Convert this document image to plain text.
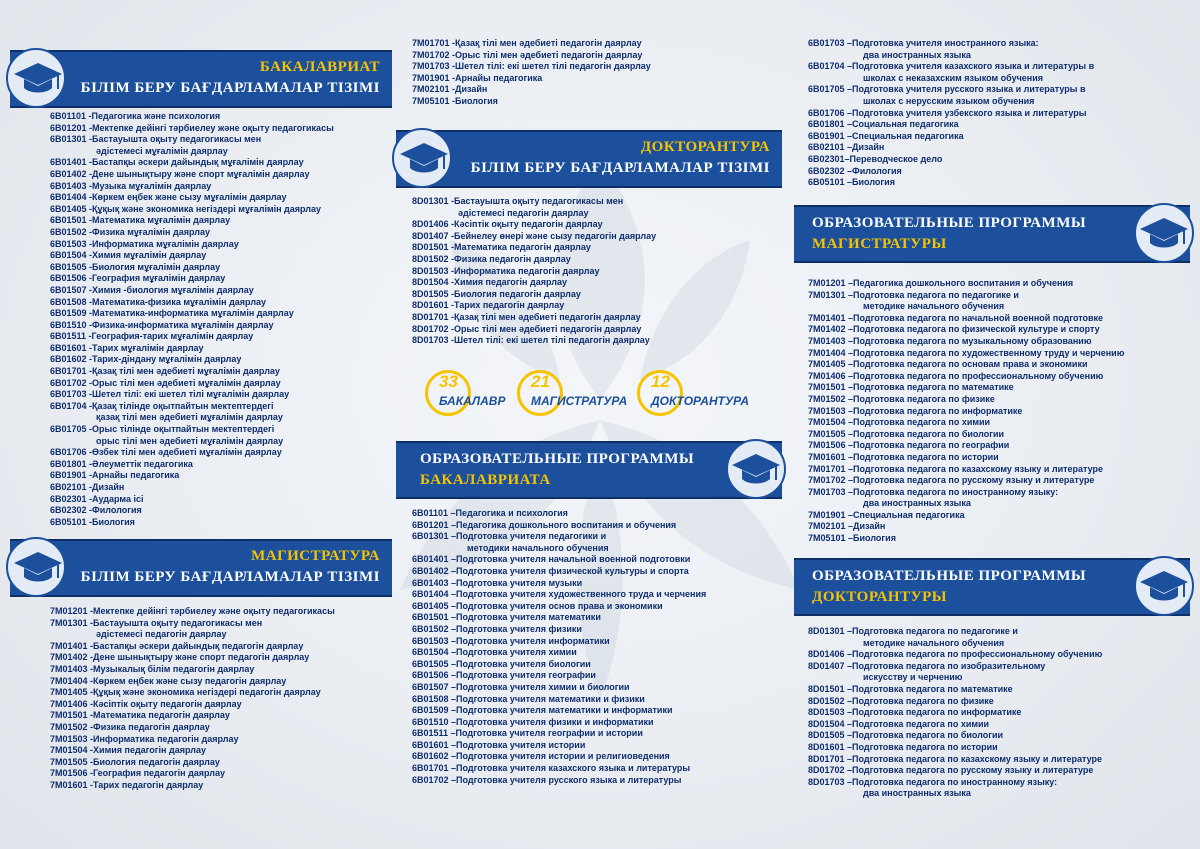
БАКАЛАВРИАТ
БІЛІМ БЕРУ БАҒДАРЛАМАЛАР ТІЗІМІ
6B01101 - Педагогика және психология
6B01201 - Мектепке дейінгі тәрбиелеу және оқыту педагогикасы
6B01301 - Бастауышта оқыту педагогикасы мен
әдістемесі мұғалімін даярлау
6B01401 - Бастапқы әскери дайындық мұғалімін даярлау
6B01402 - Дене шынықтыру және спорт мұғалімін даярлау
6B01403 - Музыка мұғалімін даярлау
6B01404 - Көркем еңбек және сызу мұғалімін даярлау
6B01405 - Құқық және экономика негіздері мұғалімін даярлау
6B01501 - Математика мұғалімін даярлау
6B01502 - Физика мұғалімін даярлау
6B01503 - Информатика мұғалімін даярлау
6B01504 - Химия мұғалімін даярлау
6B01505 - Биология мұғалімін даярлау
6B01506 - География мұғалімін даярлау
6B01507 - Химия -биология мұғалімін даярлау
6B01508 - Математика-физика мұғалімін даярлау
6B01509 - Математика-информатика мұғалімін даярлау
6B01510 - Физика-информатика мұғалімін даярлау
6B01511 - География-тарих мұғалімін даярлау
6B01601 - Тарих мұғалімін даярлау
6B01602 - Тарих-діндану мұғалімін даярлау
6B01701 - Қазақ тілі мен әдебиеті мұғалімін даярлау
6B01702 - Орыс тілі мен әдебиеті мұғалімін даярлау
6B01703 - Шетел тілі: екі шетел тілі мұғалімін даярлау
6B01704 - Қазақ тілінде оқытпайтын мектептердегі
қазақ тілі мен әдебиеті мұғалімін даярлау
6B01705 - Орыс тілінде оқытпайтын мектептердегі
орыс тілі мен әдебиеті мұғалімін даярлау
6B01706 - Өзбек тілі мен әдебиеті мұғалімін даярлау
6B01801 - Әлеуметтік педагогика
6B01901 - Арнайы педагогика
6B02101 - Дизайн
6B02301 - Аударма ісі
6B02302 - Филология
6B05101 - Биология
МАГИСТРАТУРА
БІЛІМ БЕРУ БАҒДАРЛАМАЛАР ТІЗІМІ
7M01201 - Мектепке дейінгі тәрбиелеу және оқыту педагогикасы
7M01301 - Бастауышта оқыту педагогикасы мен
әдістемесі педагогін даярлау
7M01401 - Бастапқы әскери дайындық педагогін даярлау
7M01402 - Дене шынықтыру және спорт педагогін даярлау
7M01403 - Музыкалық білім педагогін даярлау
7M01404 - Көркем еңбек және сызу педагогін даярлау
7M01405 - Құқық және экономика негіздері педагогін даярлау
7M01406 - Кәсіптік оқыту педагогін даярлау
7M01501 - Математика педагогін даярлау
7M01502 - Физика педагогін даярлау
7M01503 - Информатика педагогін даярлау
7M01504 - Химия педагогін даярлау
7M01505 - Биология педагогін даярлау
7M01506 - География педагогін даярлау
7M01601 - Тарих педагогін даярлау
7M01701 - Қазақ тілі мен әдебиеті педагогін даярлау
7M01702 - Орыс тілі мен әдебиеті педагогін даярлау
7M01703 - Шетел тілі: екі шетел тілі педагогін даярлау
7M01901 - Арнайы педагогика
7M02101 - Дизайн
7M05101 - Биология
ДОКТОРАНТУРА
БІЛІМ БЕРУ БАҒДАРЛАМАЛАР ТІЗІМІ
8D01301 - Бастауышта оқыту педагогикасы мен
әдістемесі педагогін даярлау
8D01406 - Кәсіптік оқыту педагогін даярлау
8D01407 - Бейнелеу өнері және сызу педагогін даярлау
8D01501 - Математика педагогін даярлау
8D01502 - Физика педагогін даярлау
8D01503 - Информатика педагогін даярлау
8D01504 - Химия педагогін даярлау
8D01505 - Биология педагогін даярлау
8D01601 - Тарих педагогін даярлау
8D01701 - Қазақ тілі мен әдебиеті педагогін даярлау
8D01702 - Орыс тілі мен әдебиеті педагогін даярлау
8D01703 - Шетел тілі: екі шетел тілі педагогін даярлау
33
БАКАЛАВР
21
МАГИСТРАТУРА
12
ДОКТОРАНТУРА
ОБРАЗОВАТЕЛЬНЫЕ ПРОГРАММЫ
БАКАЛАВРИАТА
6B01101 – Педагогика и психология
6B01201 – Педагогика дошкольного воспитания и обучения
6B01301 – Подготовка учителя педагогики и
методики начального обучения
6B01401 – Подготовка учителя начальной военной подготовки
6B01402 – Подготовка учителя физической культуры и спорта
6B01403 – Подготовка учителя музыки
6B01404 – Подготовка учителя художественного труда и черчения
6B01405 – Подготовка учителя основ права и экономики
6B01501 – Подготовка учителя математики
6B01502 – Подготовка учителя физики
6B01503 – Подготовка учителя информатики
6B01504 – Подготовка учителя химии
6B01505 – Подготовка учителя биологии
6B01506 – Подготовка учителя географии
6B01507 – Подготовка учителя химии и биологии
6B01508 – Подготовка учителя математики и физики
6B01509 – Подготовка учителя математики и информатики
6B01510 – Подготовка учителя физики и информатики
6B01511 – Подготовка учителя географии и истории
6B01601 – Подготовка учителя истории
6B01602 – Подготовка учителя истории и религиоведения
6B01701 – Подготовка учителя казахского языка и литературы
6B01702 – Подготовка учителя русского языка и литературы
6B01703 – Подготовка учителя иностранного языка:
два иностранных языка
6B01704 – Подготовка учителя казахского языка и литературы в
школах с неказахским языком обучения
6B01705 – Подготовка учителя русского языка и литературы в
школах с нерусским языком обучения
6B01706 – Подготовка учителя узбекского языка и литературы
6B01801 – Социальная педагогика
6B01901 – Специальная педагогика
6B02101 – Дизайн
6B02301– Переводческое дело
6B02302 – Филология
6B05101 – Биология
ОБРАЗОВАТЕЛЬНЫЕ ПРОГРАММЫ
МАГИСТРАТУРЫ
7M01201 – Педагогика дошкольного воспитания и обучения
7M01301 – Подготовка педагога по педагогике и
методике начального обучения
7M01401 – Подготовка педагога по начальной военной подготовке
7M01402 – Подготовка педагога по физической культуре и спорту
7M01403 – Подготовка педагога по музыкальному образованию
7M01404 – Подготовка педагога по художественному труду и черчению
7M01405 – Подготовка педагога по основам права и экономики
7M01406 – Подготовка педагога по профессиональному обучению
7M01501 – Подготовка педагога по математике
7M01502 – Подготовка педагога по физике
7M01503 – Подготовка педагога по информатике
7M01504 – Подготовка педагога по химии
7M01505 – Подготовка педагога по биологии
7M01506 – Подготовка педагога по географии
7M01601 – Подготовка педагога по истории
7M01701 – Подготовка педагога по казахскому языку и литературе
7M01702 – Подготовка педагога по русскому языку и литературе
7M01703 – Подготовка педагога по иностранному языку:
два иностранных языка
7M01901 – Специальная педагогика
7M02101 – Дизайн
7M05101 – Биология
ОБРАЗОВАТЕЛЬНЫЕ ПРОГРАММЫ
ДОКТОРАНТУРЫ
8D01301 – Подготовка педагога по педагогике и
методике начального обучения
8D01406 – Подготовка педагога по профессиональному обучению
8D01407 – Подготовка педагога по изобразительному
искусству и черчению
8D01501 – Подготовка педагога по математике
8D01502 – Подготовка педагога по физике
8D01503 – Подготовка педагога по информатике
8D01504 – Подготовка педагога по химии
8D01505 – Подготовка педагога по биологии
8D01601 – Подготовка педагога по истории
8D01701 – Подготовка педагога по казахскому языку и литературе
8D01702 – Подготовка педагога по русскому языку и литературе
8D01703 – Подготовка педагога по иностранному языку:
два иностранных языка
